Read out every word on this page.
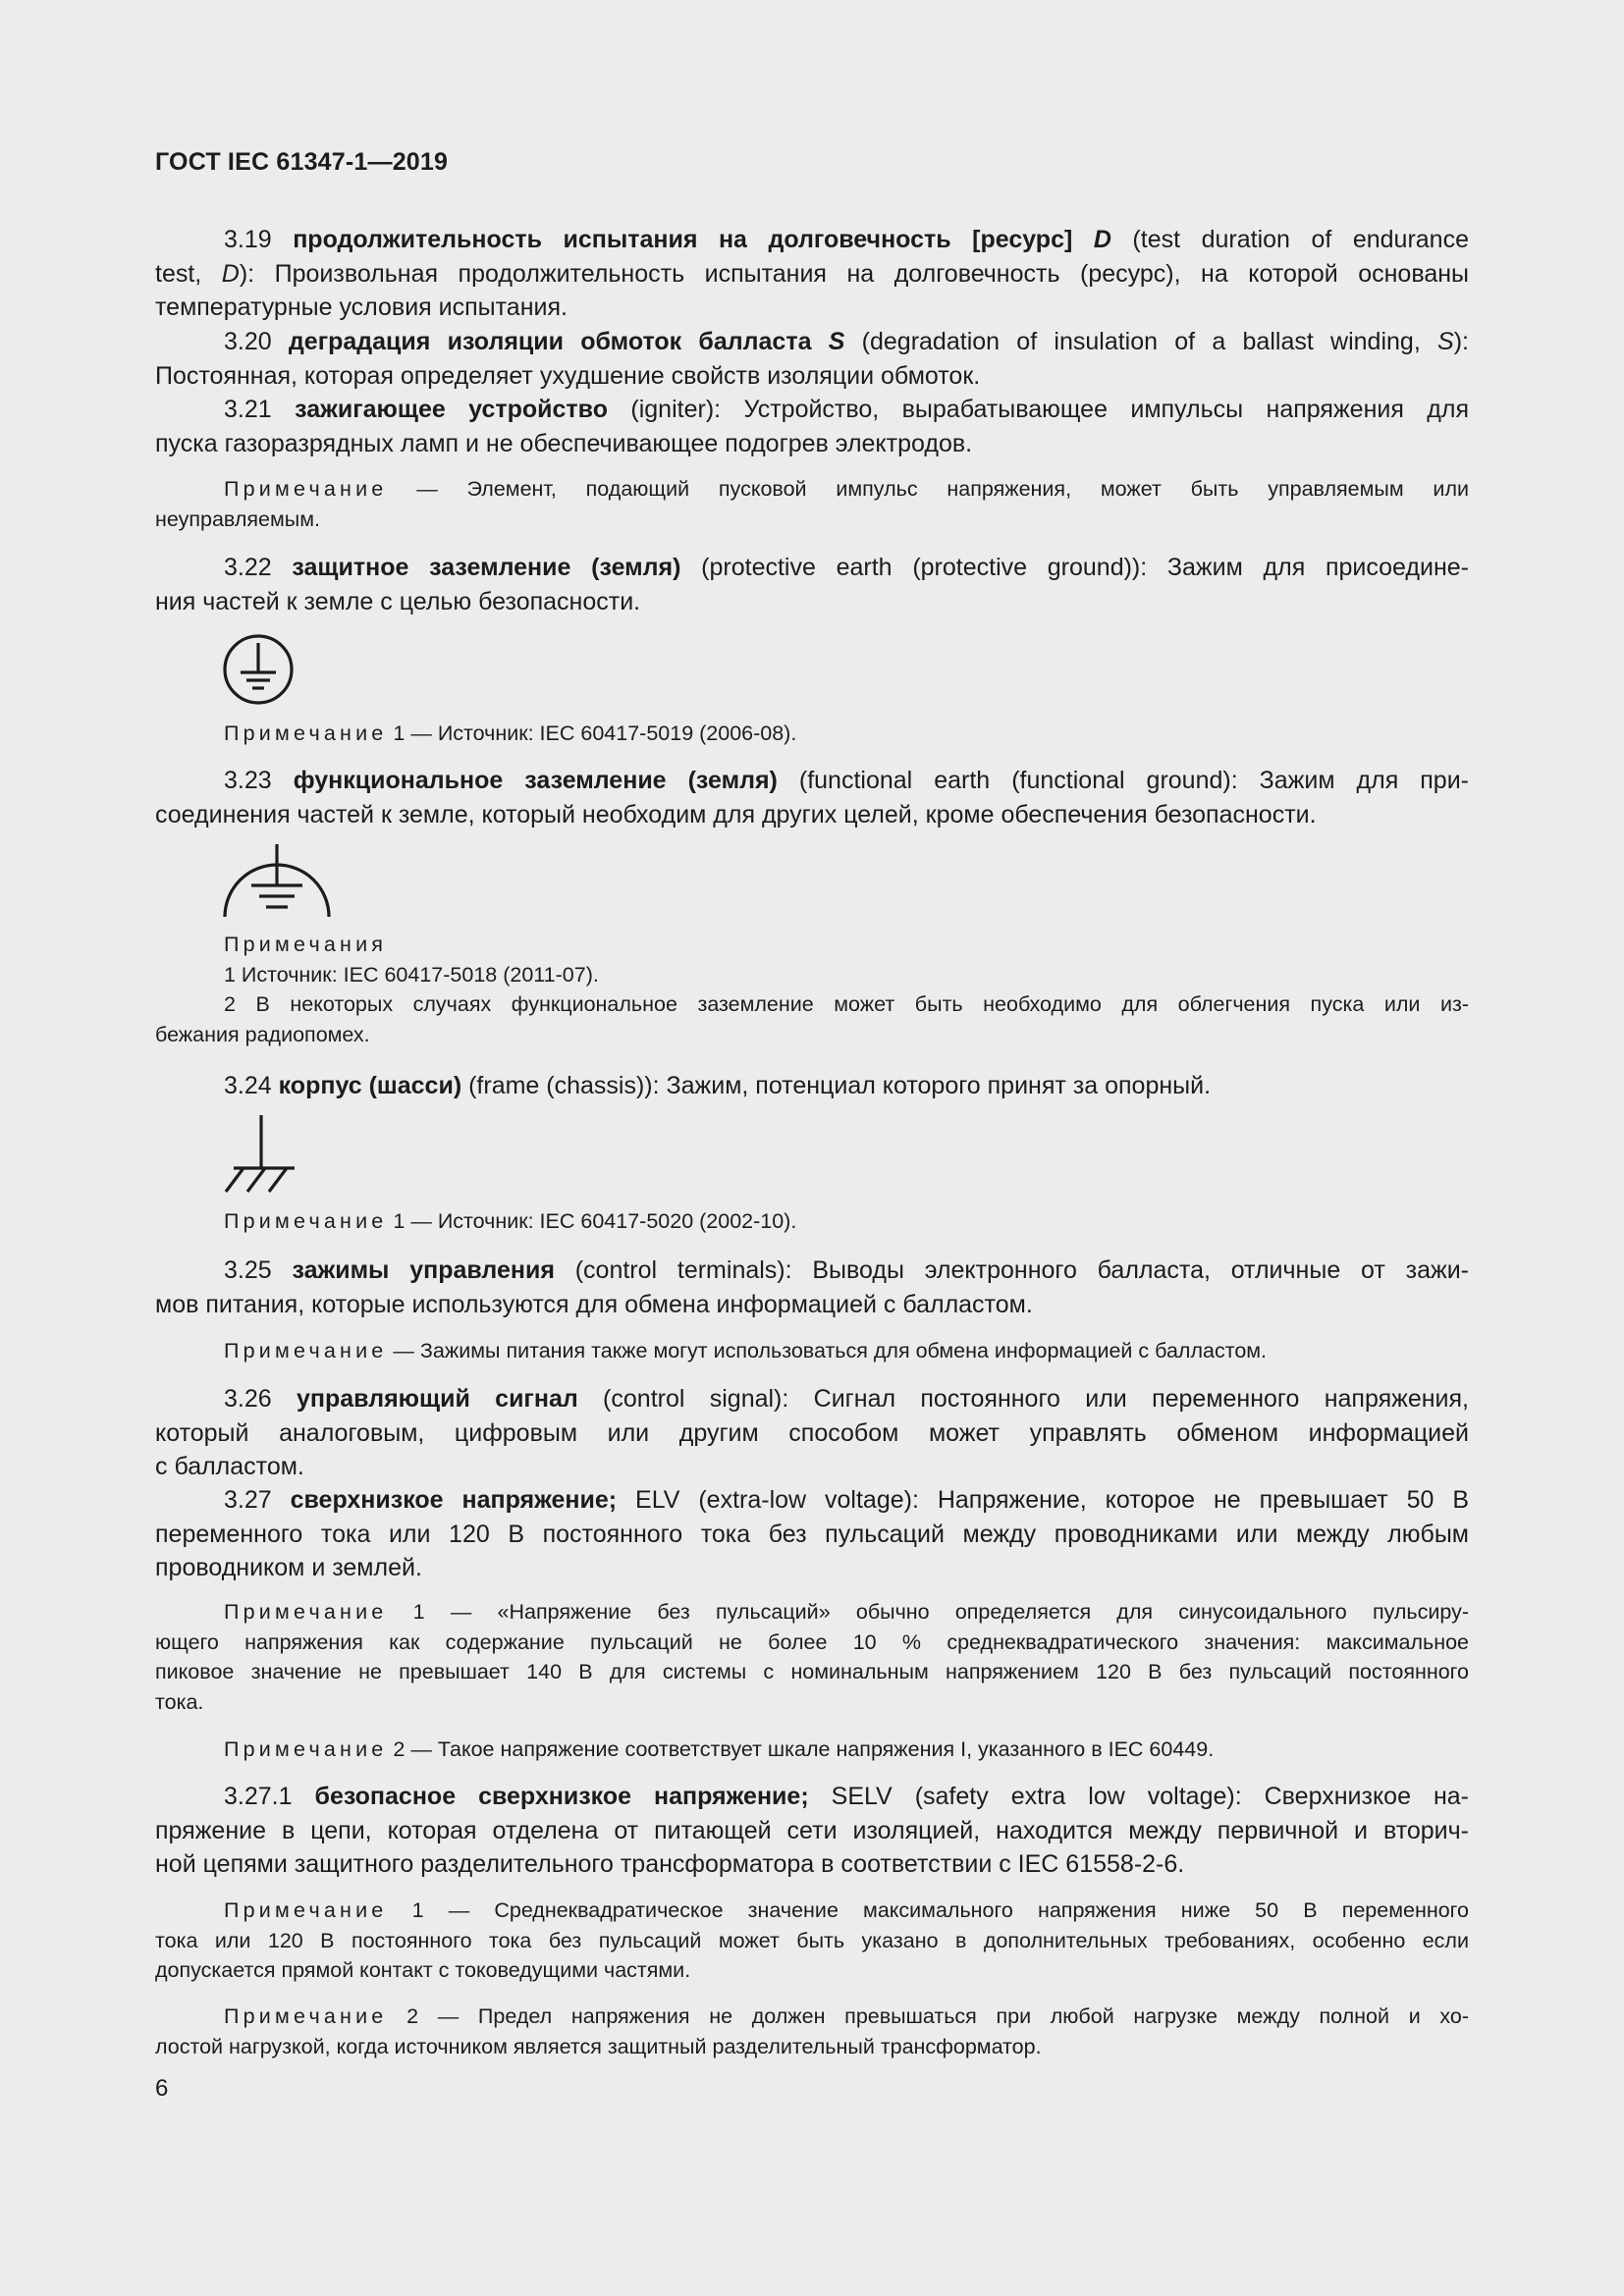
ГОСТ IEC 61347-1—2019
3.19 продолжительность испытания на долговечность [ресурс] D (test duration of endurance
test, D): Произвольная продолжительность испытания на долговечность (ресурс), на которой основаны
температурные условия испытания.
3.20 деградация изоляции обмоток балласта S (degradation of insulation of a ballast winding, S):
Постоянная, которая определяет ухудшение свойств изоляции обмоток.
3.21 зажигающее устройство (igniter): Устройство, вырабатывающее импульсы напряжения для
пуска газоразрядных ламп и не обеспечивающее подогрев электродов.
Примечание — Элемент, подающий пусковой импульс напряжения, может быть управляемым или
неуправляемым.
3.22 защитное заземление (земля) (protective earth (protective ground)): Зажим для присоедине-
ния частей к земле с целью безопасности.
Примечание 1 — Источник: IEC 60417-5019 (2006-08).
3.23 функциональное заземление (земля) (functional earth (functional ground): Зажим для при-
соединения частей к земле, который необходим для других целей, кроме обеспечения безопасности.
Примечания
1 Источник: IEC 60417-5018 (2011-07).
2 В некоторых случаях функциональное заземление может быть необходимо для облегчения пуска или из-
бежания радиопомех.
3.24 корпус (шасси) (frame (chassis)): Зажим, потенциал которого принят за опорный.
Примечание 1 — Источник: IEC 60417-5020 (2002-10).
3.25 зажимы управления (control terminals): Выводы электронного балласта, отличные от зажи-
мов питания, которые используются для обмена информацией с балластом.
Примечание — Зажимы питания также могут использоваться для обмена информацией с балластом.
3.26 управляющий сигнал (control signal): Сигнал постоянного или переменного напряжения,
который аналоговым, цифровым или другим способом может управлять обменом информацией
с балластом.
3.27 сверхнизкое напряжение; ELV (extra-low voltage): Напряжение, которое не превышает 50 В
переменного тока или 120 В постоянного тока без пульсаций между проводниками или между любым
проводником и землей.
Примечание 1 — «Напряжение без пульсаций» обычно определяется для синусоидального пульсиру-
ющего напряжения как содержание пульсаций не более 10 % среднеквадратического значения: максимальное
пиковое значение не превышает 140 В для системы с номинальным напряжением 120 В без пульсаций постоянного
тока.
Примечание 2 — Такое напряжение соответствует шкале напряжения I, указанного в IEC 60449.
3.27.1 безопасное сверхнизкое напряжение; SELV (safety extra low voltage): Сверхнизкое на-
пряжение в цепи, которая отделена от питающей сети изоляцией, находится между первичной и вторич-
ной цепями защитного разделительного трансформатора в соответствии с IEC 61558-2-6.
Примечание 1 — Среднеквадратическое значение максимального напряжения ниже 50 В переменного
тока или 120 В постоянного тока без пульсаций может быть указано в дополнительных требованиях, особенно если
допускается прямой контакт с токоведущими частями.
Примечание 2 — Предел напряжения не должен превышаться при любой нагрузке между полной и хо-
лостой нагрузкой, когда источником является защитный разделительный трансформатор.
6
